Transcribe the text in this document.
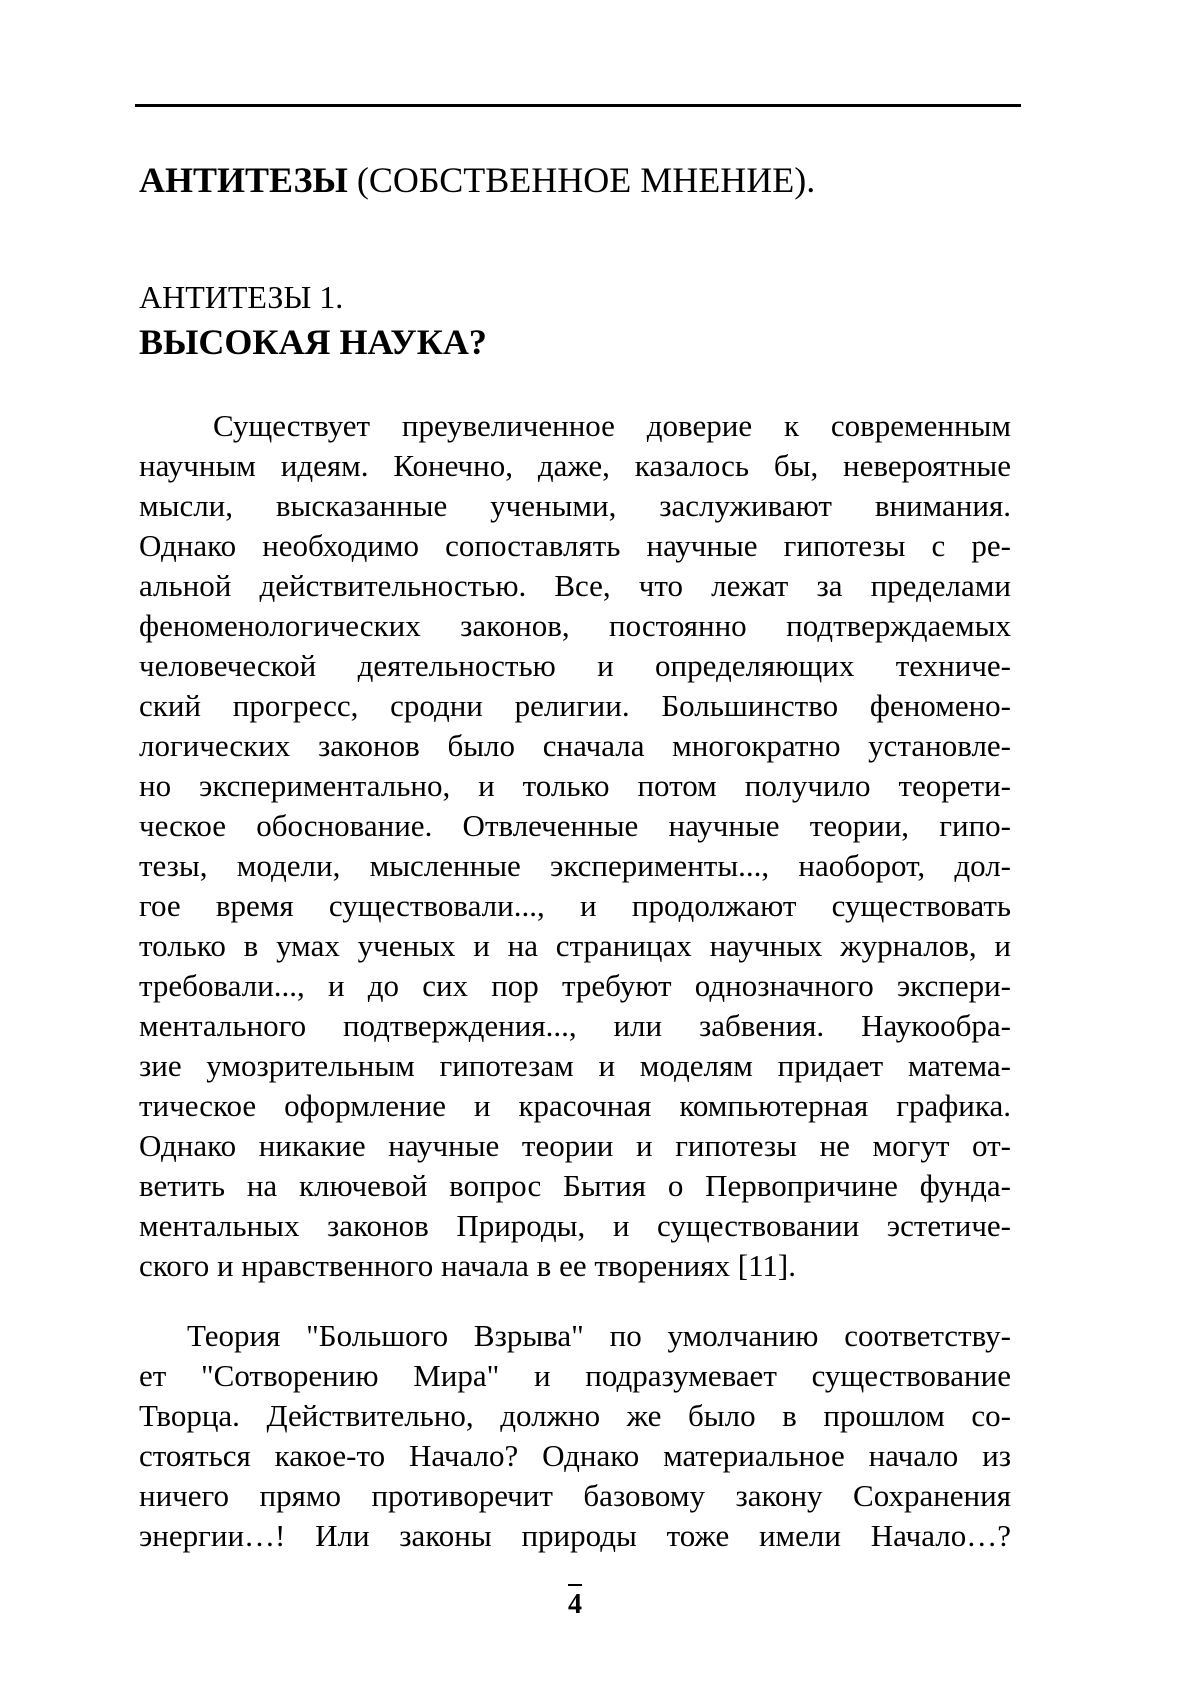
АНТИТЕЗЫ (СОБСТВЕННОЕ МНЕНИЕ).
АНТИТЕЗЫ 1.
ВЫСОКАЯ НАУКА?
Существует преувеличенное доверие к современным
научным идеям. Конечно, даже, казалось бы, невероятные
мысли, высказанные учеными, заслуживают внимания.
Однако необходимо сопоставлять научные гипотезы с ре-
альной действительностью. Все, что лежат за пределами
феноменологических законов, постоянно подтверждаемых
человеческой деятельностью и определяющих техниче-
ский прогресс, сродни религии. Большинство феномено-
логических законов было сначала многократно установле-
но экспериментально, и только потом получило теорети-
ческое обоснование. Отвлеченные научные теории, гипо-
тезы, модели, мысленные эксперименты..., наоборот, дол-
гое время существовали..., и продолжают существовать
только в умах ученых и на страницах научных журналов, и
требовали..., и до сих пор требуют однозначного экспери-
ментального подтверждения..., или забвения. Наукообра-
зие умозрительным гипотезам и моделям придает матема-
тическое оформление и красочная компьютерная графика.
Однако никакие научные теории и гипотезы не могут от-
ветить на ключевой вопрос Бытия о Первопричине фунда-
ментальных законов Природы, и существовании эстетиче-
ского и нравственного начала в ее творениях [11].
Теория "Большого Взрыва" по умолчанию соответству-
ет "Сотворению Мира" и подразумевает существование
Творца. Действительно, должно же было в прошлом со-
стояться какое-то Начало? Однако материальное начало из
ничего прямо противоречит базовому закону Сохранения
энергии…! Или законы природы тоже имели Начало…?
4
